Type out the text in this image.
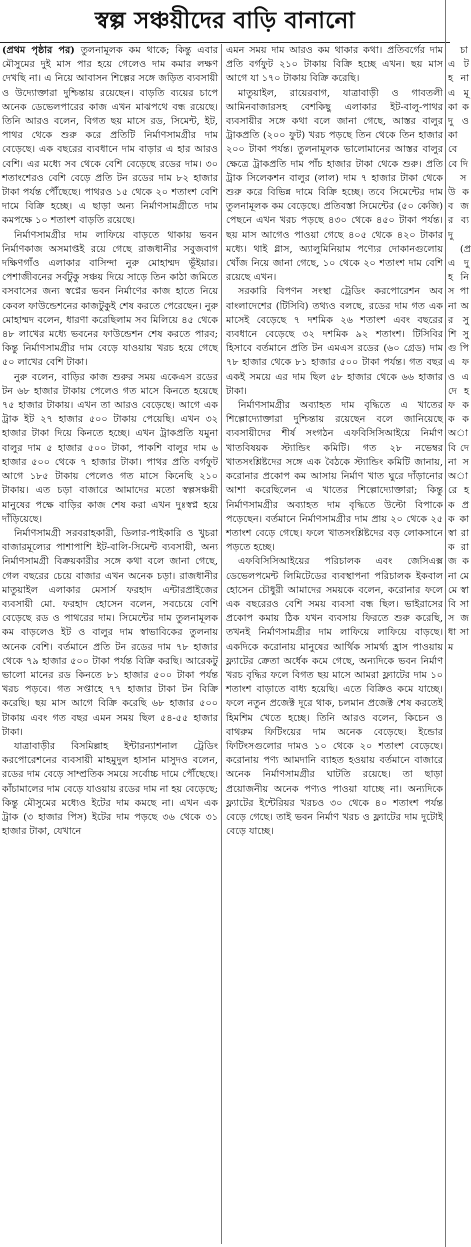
স্বল্প সঞ্চয়ীদের বাড়ি বানানো

(প্রথম পৃষ্ঠার পর) তুলনামূলক কম থাকে; কিন্তু এবার মৌসুমের দুই মাস পার হয়ে গেলেও দাম কমার লক্ষণ দেখছি না। এ নিয়ে আবাসন শিল্পের সঙ্গে জড়িত ব্যবসায়ী ও উদ্যোক্তারা দুশ্চিন্তায় রয়েছেন। বাড়তি ব্যয়ের চাপে অনেক ডেভেলপারের কাজ এখন মাঝপথে বন্ধ রয়েছে। তিনি আরও বলেন, বিগত ছয় মাসে রড, সিমেন্ট, ইট, পাথর থেকে শুরু করে প্রতিটি নির্মাণসামগ্রীর দাম বেড়েছে। এক বছরের ব্যবধানে দাম বাড়ার এ হার আরও বেশি। এর মধ্যে সব থেকে বেশি বেড়েছে রডের দাম। ৩০ শতাংশেরও বেশি বেড়ে প্রতি টন রডের দাম ৮২ হাজার টাকা পর্যন্ত পৌঁছেছে। পাথরও ১৫ থেকে ২০ শতাংশ বেশি দামে বিক্রি হচ্ছে। এ ছাড়া অন্য নির্মাণসামগ্রীতে দাম কমপক্ষে ১০ শতাংশ বাড়তি রয়েছে।

নির্মাণসামগ্রীর দাম লাফিয়ে বাড়তে থাকায় ভবন নির্মাণকাজ অসমাপ্তই রয়ে গেছে রাজধানীর সবুজবাগ দক্ষিণগাঁও এলাকার বাসিন্দা নুরু মোহাম্মদ ভূঁইয়ার। পেশাজীবনের সর্বটুকু সঞ্চয় দিয়ে সাড়ে তিন কাঠা জমিতে বসবাসের জন্য স্বপ্নের ভবন নির্মাণের কাজ হাতে নিয়ে কেবল ফাউন্ডেশনের কাজটুকুই শেষ করতে পেরেছেন। নুরু মোহাম্মদ বলেন, ধারণা করেছিলাম সব মিলিয়ে ৪৫ থেকে ৪৮ লাখের মধ্যে ভবনের ফাউন্ডেশন শেষ করতে পারব; কিন্তু নির্মাণসামগ্রীর দাম বেড়ে যাওয়ায় খরচ হয়ে গেছে ৫০ লাখের বেশি টাকা।

নুরু বলেন, বাড়ির কাজ শুরুর সময় একেএস রডের টন ৬৮ হাজার টাকায় পেলেও গত মাসে কিনতে হয়েছে ৭৫ হাজার টাকায়। এখন তা আরও বেড়েছে। আগে এক ট্রাক ইট ২৭ হাজার ৫০০ টাকায় পেয়েছি। এখন ৩২ হাজার টাকা দিয়ে কিনতে হচ্ছে। এখন ট্রাকপ্রতি যমুনা বালুর দাম ৫ হাজার ৫০০ টাকা, পাকশি বালুর দাম ৬ হাজার ৫০০ থেকে ৭ হাজার টাকা। পাথর প্রতি বর্গফুট আগে ১৮৫ টাকায় পেলেও গত মাসে কিনেছি ২১০ টাকায়। এত চড়া বাজারে আমাদের মতো স্বল্পসঞ্চয়ী মানুষের পক্ষে বাড়ির কাজ শেষ করা এখন দুঃস্বপ্ন হয়ে দাঁড়িয়েছে।

নির্মাণসামগ্রী সরবরাহকারী, ডিলার-পাইকারি ও খুচরা বাজারমূল্যের পাশাপাশি ইট-বালি-সিমেন্ট ব্যবসায়ী, অন্য নির্মাণসামগ্রী বিক্রয়কারীর সঙ্গে কথা বলে জানা গেছে, গেল বছরের চেয়ে বাজার এখন অনেক চড়া। রাজধানীর মাতুয়াইল এলাকার মেসার্স ফরহাদ এন্টারপ্রাইজের ব্যবসায়ী মো. ফরহাদ হোসেন বলেন, সবচেয়ে বেশি বেড়েছে রড ও পাথরের দাম। সিমেন্টের দাম তুলনামূলক কম বাড়লেও ইট ও বালুর দাম স্বাভাবিকের তুলনায় অনেক বেশি। বর্তমানে প্রতি টন রডের দাম ৭৮ হাজার থেকে ৭৯ হাজার ৫০০ টাকা পর্যন্ত বিক্রি করছি। আরেকটু ভালো মানের রড কিনতে ৮১ হাজার ৫০০ টাকা পর্যন্ত খরচ পড়বে। গত সপ্তাহে ৭৭ হাজার টাকা টন বিক্রি করেছি। ছয় মাস আগে বিক্রি করেছি ৬৮ হাজার ৫০০ টাকায় এবং গত বছর এমন সময় ছিল ৫৪-৫৫ হাজার টাকা।

যাত্রাবাড়ীর বিসমিল্লাহ ইন্টারন্যাশনাল ট্রেডিং করপোরেশনের ব্যবসায়ী মাহমুদুল হাসান মাসুদও বলেন, রডের দাম বেড়ে সাম্প্রতিক সময়ে সর্বোচ্চ দামে পৌঁছেছে। কাঁচামালের দাম বেড়ে যাওয়ায় রডের দাম না হয় বেড়েছে; কিন্তু মৌসুমের মধ্যেও ইটের দাম কমছে না। এখন এক ট্রাক (৩ হাজার পিস) ইটের দাম পড়ছে ৩৬ থেকে ৩১ হাজার টাকা, যেখানে

এমন সময় দাম আরও কম থাকার কথা। প্রতিবর্গের দাম প্রতি বর্গফুট ২১০ টাকায় বিক্রি হচ্ছে এখন। ছয় মাস আগে যা ১৭০ টাকায় বিক্রি করেছি।

মাতুয়াইল, রায়েরবাগ, যাত্রাবাড়ী ও গাবতলী আমিনবাজারসহ বেশকিছু এলাকার ইট-বালু-পাথর ব্যবসায়ীর সঙ্গে কথা বলে জানা গেছে, আস্তর বালুর ট্রাকপ্রতি (২০০ ফুট) খরচ পড়ছে তিন থেকে তিন হাজার ২০০ টাকা পর্যন্ত। তুলনামূলক ভালোমানের আস্তর বালুর ক্ষেত্রে ট্রাকপ্রতি দাম পাঁচ হাজার টাকা থেকে শুরু। প্রতি ট্রাক সিলেকশন বালুর (লাল) দাম ৭ হাজার টাকা থেকে শুরু করে বিভিন্ন দামে বিক্রি হচ্ছে। তবে সিমেন্টের দাম তুলনামূলক কম বেড়েছে। প্রতিবস্তা সিমেন্টের (৫০ কেজি) পেছনে এখন খরচ পড়ছে ৪৩০ থেকে ৪৫০ টাকা পর্যন্ত। ছয় মাস আগেও পাওয়া গেছে ৪০৫ থেকে ৪২০ টাকার মধ্যে। থাই গ্লাস, অ্যালুমিনিয়াম পণ্যের দোকানগুলোয় খোঁজ নিয়ে জানা গেছে, ১০ থেকে ২০ শতাংশ দাম বেশি রয়েছে এখন।

সরকারি বিপণন সংস্থা ট্রেডিং করপোরেশন অব বাংলাদেশের (টিসিবি) তথ্যও বলছে, রডের দাম গত এক মাসেই বেড়েছে ৭ দশমিক ২৬ শতাংশ এবং বছরের ব্যবধানে বেড়েছে ৩২ দশমিক ৯২ শতাংশ। টিসিবির হিসাবে বর্তমানে প্রতি টন এমএস রডের (৬০ গ্রেড) দাম ৭৮ হাজার থেকে ৮১ হাজার ৫০০ টাকা পর্যন্ত। গত বছর একই সময়ে এর দাম ছিল ৫৮ হাজার থেকে ৬৬ হাজার টাকা।

নির্মাণসামগ্রীর অব্যাহত দাম বৃদ্ধিতে এ খাতের শিল্পোদ্যোক্তারা দুশ্চিন্তায় রয়েছেন বলে জানিয়েছে ব্যবসায়ীদের শীর্ষ সংগঠন এফবিসিসিআইয়ে নির্মাণ খাতবিষয়ক স্ট্যান্ডিং কমিটি। গত ২৮ নভেম্বর খাতসংশ্লিষ্টদের সঙ্গে এক বৈঠকে স্ট্যান্ডিং কমিটি জানায়, করোনার প্রকোপ কম আসায় নির্মাণ খাত ঘুরে দাঁড়ানোর আশা করেছিলেন এ খাতের শিল্পোদ্যোক্তারা; কিন্তু নির্মাণসামগ্রীর অব্যাহত দাম বৃদ্ধিতে উল্টো বিপাকে পড়েছেন। বর্তমানে নির্মাণসামগ্রীর দাম প্রায় ২০ থেকে ২৫ শতাংশ বেড়ে গেছে। ফলে খাতসংশ্লিষ্টদের বড় লোকসানে পড়তে হচ্ছে।

এফবিসিসিআইয়ের পরিচালক এবং জেসিএক্স ডেভেলপমেন্ট লিমিটেডের ব্যবস্থাপনা পরিচালক ইকবাল হোসেন চৌধুরী আমাদের সময়কে বলেন, করোনার ফলে এক বছরেরও বেশি সময় ব্যবসা বন্ধ ছিল। ভাইরাসের প্রকোপ কমায় ঠিক যখন ব্যবসায় ফিরতে শুরু করেছি, তখনই নির্মাণসামগ্রীর দাম লাফিয়ে লাফিয়ে বাড়ছে। একদিকে করোনায় মানুষের আর্থিক সামর্থ্য হ্রাস পাওয়ায় ফ্ল্যাটের ক্রেতা অর্ধেক কমে গেছে, অন্যদিকে ভবন নির্মাণ খরচ বৃদ্ধির ফলে বিগত ছয় মাসে আমরা ফ্ল্যাটের দাম ১০ শতাংশ বাড়াতে বাধ্য হয়েছি। এতে বিক্রিও কমে যাচ্ছে। ফলে নতুন প্রজেক্ট দূরে থাক, চলমান প্রজেক্ট শেষ করতেই হিমশিম খেতে হচ্ছে। তিনি আরও বলেন, কিচেন ও বাথরুম ফিটিংয়ের দাম অনেক বেড়েছে। ইন্ডোর ফিটিংসগুলোর দামও ১০ থেকে ২০ শতাংশ বেড়েছে। করোনায় পণ্য আমদানি ব্যাহত হওয়ায় বর্তমানে বাজারে অনেক নির্মাণসামগ্রীর ঘাটতি রয়েছে। তা ছাড়া প্রয়োজনীয় অনেক পণ্যও পাওয়া যাচ্ছে না। অন্যদিকে ফ্ল্যাটের ইন্টেরিয়র খরচও ৩০ থেকে ৪০ শতাংশ পর্যন্ত বেড়ে গেছে। তাই ভবন নির্মাণ খরচ ও ফ্ল্যাটের দাম দুটোই বেড়ে যাচ্ছে।

চা এ ট হ না এ মূ কা ক দু ও কা বে বে দি

স উ ক ব জ র ব্য দু

(প্র এ দু হ নি স পা না অ র সু শি সু গু পি এ ফ ও এ দে হ ফ ক ক ক অা বি দে না স অা রে হ ক প্র ক কা স্বা রা ক রা জ ক না মে মে স্বা বি সা স জ ধা সা ম
